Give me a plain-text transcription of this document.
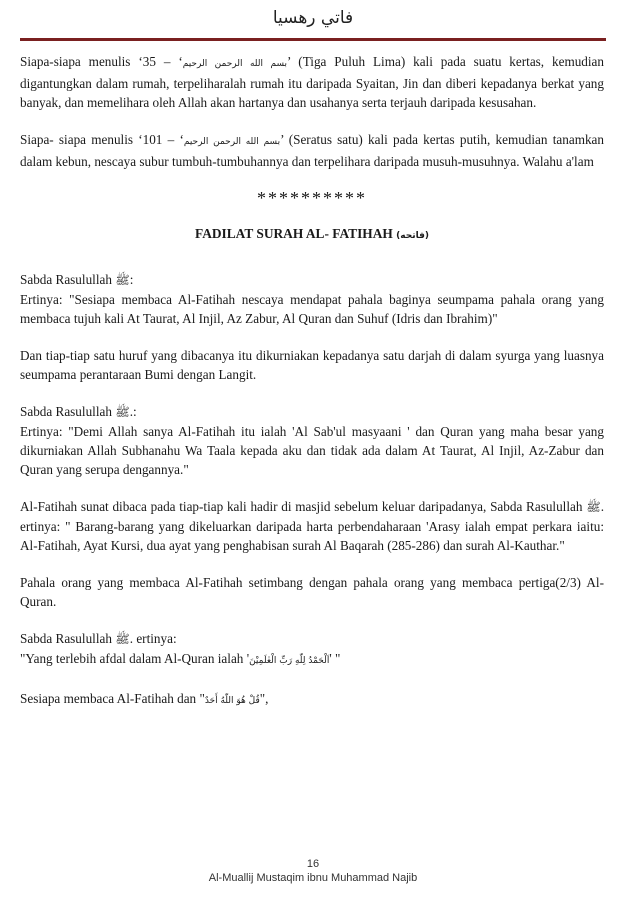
فاتي رهسيا

Siapa-siapa menulis ‘35 – ‘بسم الله الرحمن الرحيم’ (Tiga Puluh Lima) kali pada suatu kertas, kemudian digantungkan dalam rumah, terpeliharalah rumah itu daripada Syaitan, Jin dan diberi kepadanya berkat yang banyak, dan memelihara oleh Allah akan hartanya dan usahanya serta terjauh daripada kesusahan.

Siapa- siapa menulis ‘101 – ‘بسم الله الرحمن الرحيم’ (Seratus satu) kali pada kertas putih, kemudian tanamkan dalam kebun, nescaya subur tumbuh-tumbuhannya dan terpelihara daripada musuh-musuhnya. Walahu a'lam

**********
FADILAT SURAH AL- FATIHAH (فاتحه)

Sabda Rasulullah ﷺ:
Ertinya: "Sesiapa membaca Al-Fatihah nescaya mendapat pahala baginya seumpama pahala orang yang membaca tujuh kali At Taurat, Al Injil, Az Zabur, Al Quran dan Suhuf (Idris dan Ibrahim)"

Dan tiap-tiap satu huruf yang dibacanya itu dikurniakan kepadanya satu darjah di dalam syurga yang luasnya seumpama perantaraan Bumi dengan Langit.

Sabda Rasulullah ﷺ.:
Ertinya: "Demi Allah sanya Al-Fatihah itu ialah 'Al Sab'ul masyaani ' dan Quran yang maha besar yang dikurniakan Allah Subhanahu Wa Taala kepada aku dan tidak ada dalam At Taurat, Al Injil, Az-Zabur dan Quran yang serupa dengannya."

Al-Fatihah sunat dibaca pada tiap-tiap kali hadir di masjid sebelum keluar daripadanya, Sabda Rasulullah ﷺ. ertinya: " Barang-barang yang dikeluarkan daripada harta perbendaharaan 'Arasy ialah empat perkara iaitu: Al-Fatihah, Ayat Kursi, dua ayat yang penghabisan surah Al Baqarah (285-286) dan surah Al-Kauthar."

Pahala orang yang membaca Al-Fatihah setimbang dengan pahala orang yang membaca pertiga(2/3) Al-Quran.

Sabda Rasulullah ﷺ. ertinya:
"Yang terlebih afdal dalam Al-Quran ialah 'اَلْحَمْدُ لِلّٰهِ رَبِّ الْعٰلَمِيْنَ' "

Sesiapa membaca Al-Fatihah dan "قُلْ هُوَ اللّٰهُ أَحَدٌ",

16
Al-Muallij Mustaqim ibnu Muhammad Najib
